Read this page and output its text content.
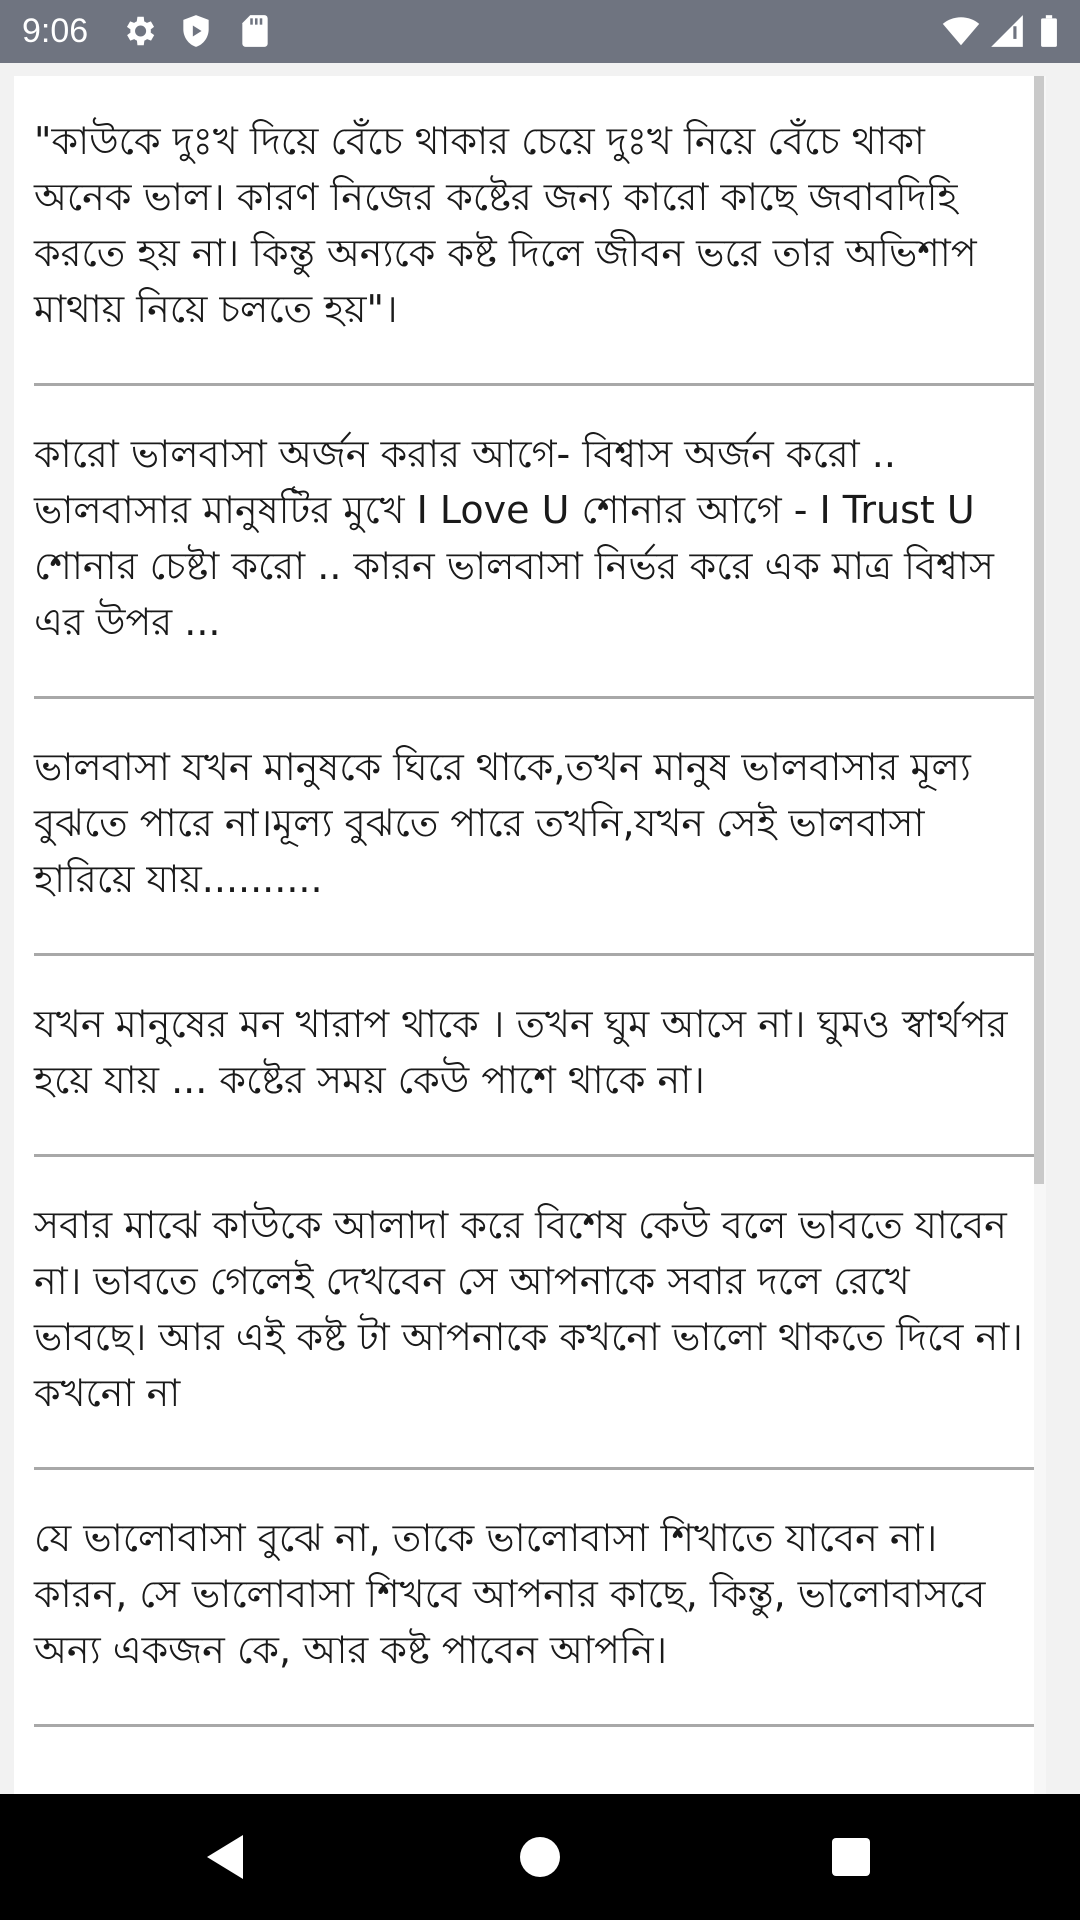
9:06
"কাউকে দুঃখ দিয়ে বেঁচে থাকার চেয়ে দুঃখ নিয়ে বেঁচে থাকা অনেক ভাল। কারণ নিজের কষ্টের জন্য কারো কাছে জবাবদিহি করতে হয় না। কিন্তু অন্যকে কষ্ট দিলে জীবন ভরে তার অভিশাপ মাথায় নিয়ে চলতে হয়"।
কারো ভালবাসা অর্জন করার আগে- বিশ্বাস অর্জন করো .. ভালবাসার মানুষটির মুখে I Love U শোনার আগে - I Trust U শোনার চেষ্টা করো .. কারন ভালবাসা নির্ভর করে এক মাত্র বিশ্বাস এর উপর ...
ভালবাসা যখন মানুষকে ঘিরে থাকে,তখন মানুষ ভালবাসার মূল্য বুঝতে পারে না।মূল্য বুঝতে পারে তখনি,যখন সেই ভালবাসা হারিয়ে যায়..........
যখন মানুষের মন খারাপ থাকে । তখন ঘুম আসে না। ঘুমও স্বার্থপর হয়ে যায় ... কষ্টের সময় কেউ পাশে থাকে না।
সবার মাঝে কাউকে আলাদা করে বিশেষ কেউ বলে ভাবতে যাবেন না। ভাবতে গেলেই দেখবেন সে আপনাকে সবার দলে রেখে ভাবছে। আর এই কষ্ট টা আপনাকে কখনো ভালো থাকতে দিবে না। কখনো না
যে ভালোবাসা বুঝে না, তাকে ভালোবাসা শিখাতে যাবেন না। কারন, সে ভালোবাসা শিখবে আপনার কাছে, কিন্তু, ভালোবাসবে অন্য একজন কে, আর কষ্ট পাবেন আপনি।
